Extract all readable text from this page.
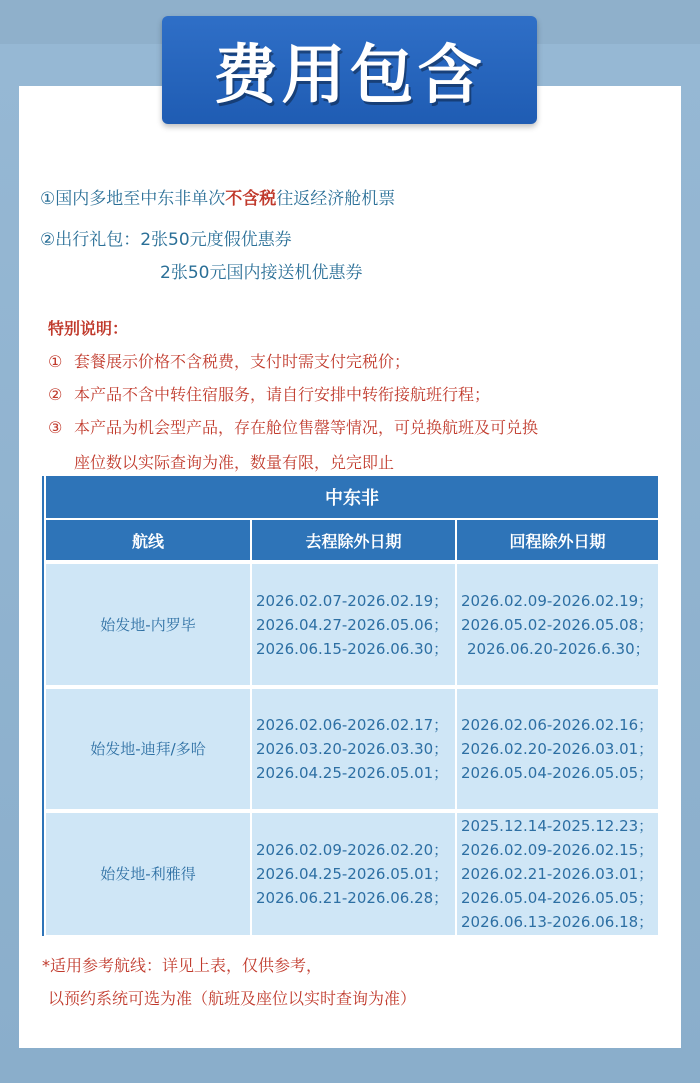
费用包含
①国内多地至中东非单次不含税往返经济舱机票
②出行礼包：2张50元度假优惠券
2张50元国内接送机优惠券
特别说明：
① 套餐展示价格不含税费，支付时需支付完税价；
② 本产品不含中转住宿服务，请自行安排中转衔接航班行程；
③ 本产品为机会型产品，存在舱位售罄等情况，可兑换航班及可兑换
座位数以实际查询为准，数量有限，兑完即止
中东非
航线	去程除外日期	回程除外日期
始发地-内罗毕
2026.02.07-2026.02.19；
2026.04.27-2026.05.06；
2026.06.15-2026.06.30；
2026.02.09-2026.02.19；
2026.05.02-2026.05.08；
2026.06.20-2026.6.30；
始发地-迪拜/多哈
2026.02.06-2026.02.17；
2026.03.20-2026.03.30；
2026.04.25-2026.05.01；
2026.02.06-2026.02.16；
2026.02.20-2026.03.01；
2026.05.04-2026.05.05；
始发地-利雅得
2026.02.09-2026.02.20；
2026.04.25-2026.05.01；
2026.06.21-2026.06.28；
2025.12.14-2025.12.23；
2026.02.09-2026.02.15；
2026.02.21-2026.03.01；
2026.05.04-2026.05.05；
2026.06.13-2026.06.18；
*适用参考航线：详见上表，仅供参考，
以预约系统可选为准（航班及座位以实时查询为准）
